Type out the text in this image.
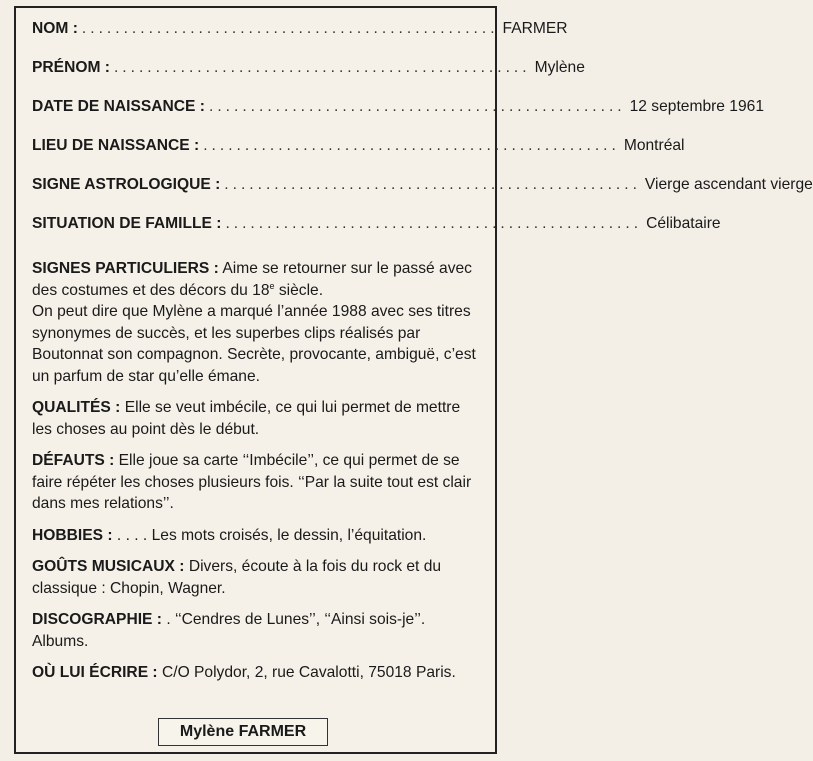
NOM : .................................................. FARMER
PRÉNOM : .................................................. Mylène
DATE DE NAISSANCE : .................................................. 12 septembre 1961
LIEU DE NAISSANCE : .................................................. Montréal
SIGNE ASTROLOGIQUE : .................................................. Vierge ascendant vierge
SITUATION DE FAMILLE : .................................................. Célibataire

SIGNES PARTICULIERS : Aime se retourner sur le passé avec des costumes et des décors du 18e siècle.

On peut dire que Mylène a marqué l’année 1988 avec ses titres synonymes de succès, et les superbes clips réalisés par Boutonnat son compagnon. Secrète, provocante, ambiguë, c’est un parfum de star qu’elle émane.

QUALITÉS : Elle se veut imbécile, ce qui lui permet de mettre les choses au point dès le début.

DÉFAUTS : Elle joue sa carte ‘‘Imbécile’’, ce qui permet de se faire répéter les choses plusieurs fois. ‘‘Par la suite tout est clair dans mes relations’’.

HOBBIES : . . . . Les mots croisés, le dessin, l’équitation.

GOÛTS MUSICAUX : Divers, écoute à la fois du rock et du classique : Chopin, Wagner.

DISCOGRAPHIE : . ‘‘Cendres de Lunes’’, ‘‘Ainsi sois-je’’. Albums.

OÙ LUI ÉCRIRE : C/O Polydor, 2, rue Cavalotti, 75018 Paris.

Mylène FARMER
